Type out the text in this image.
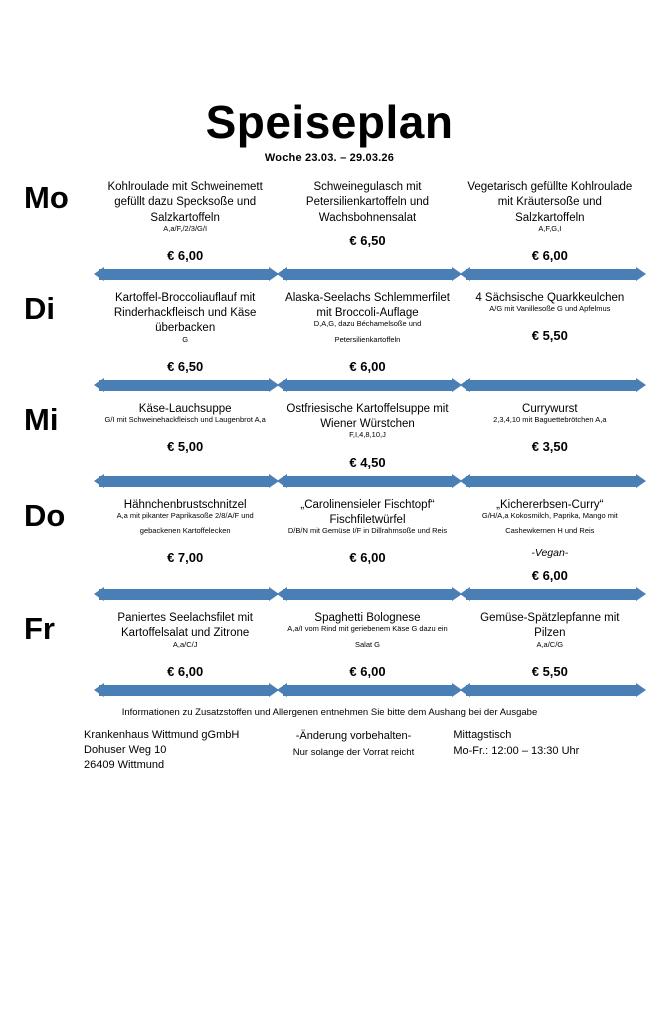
Speiseplan
Woche 23.03. – 29.03.26
Mo	Kohlroulade mit Schweinemett gefüllt dazu Specksoße und Salzkartoffeln
$^{A,a/F,/2/3/G/I}$
€ 6,00
Schweinegulasch mit Petersilienkartoffeln und Wachsbohnensalat
€ 6,50
Vegetarisch gefüllte Kohlroulade mit Kräutersoße und Salzkartoffeln
$^{A,F,G,I}$
€ 6,00
Di	Kartoffel-Broccoliauflauf mit Rinderhackfleisch und Käse überbacken
$^G$
€ 6,50
Alaska-Seelachs Schlemmerfilet mit Broccoli-Auflage
$^{D,A,G, dazu Béchamelsoße und Petersilienkartoffeln}$
€ 6,00
4 Sächsische Quarkkeulchen
$^{A/G mit Vanillesoße G und Apfelmus}$
€ 5,50
Mi	Käse-Lauchsuppe
$^{G/I mit Schweinehackfleisch und Laugenbrot A,a}$
€ 5,00
Ostfriesische Kartoffelsuppe mit Wiener Würstchen
$^{F,I,4,8,10,J}$
€ 4,50
Currywurst
$^{2,3,4,10 mit Baguettebrötchen A,a}$
€ 3,50
Do	Hähnchenbrustschnitzel
$^{A,a mit pikanter Paprikasoße 2/8/A/F und gebackenen Kartoffelecken}$
€ 7,00
„Carolinensieler Fischtopf“ Fischfiletwürfel
$^{D/B/N mit Gemüse I/F in Dillrahmsoße und Reis}$
€ 6,00
„Kichererbsen-Curry“
$^{G/H/A,a Kokosmilch, Paprika, Mango mit Cashewkernen H und Reis}$
-Vegan-
€ 6,00
Fr	Paniertes Seelachsfilet mit Kartoffelsalat und Zitrone
$^{A,a/C/J}$
€ 6,00
Spaghetti Bolognese
$^{A,a/I vom Rind mit geriebenem Käse G dazu ein Salat G}$
€ 6,00
Gemüse-Spätzlepfanne mit Pilzen
$^{A,a/C/G}$
€ 5,50
Informationen zu Zusatzstoffen und Allergenen entnehmen Sie bitte dem Aushang bei der Ausgabe
Krankenhaus Wittmund gGmbH
Dohuser Weg 10
26409 Wittmund
-Änderung vorbehalten-
Nur solange der Vorrat reicht
Mittagstisch
Mo-Fr.: 12:00 – 13:30 Uhr
